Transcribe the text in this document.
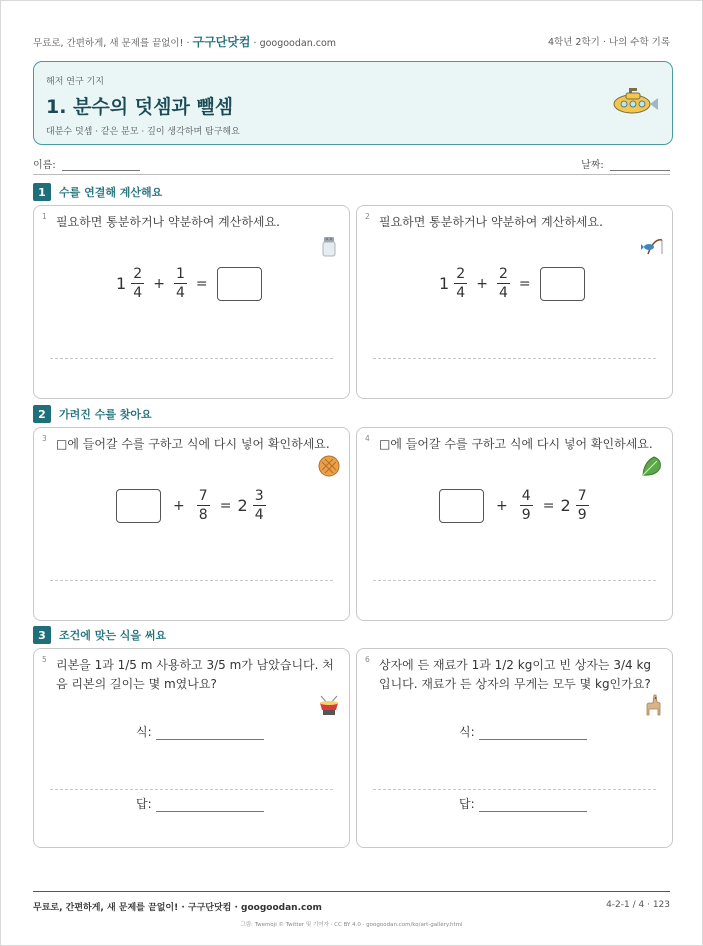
무료로, 간편하게, 새 문제를 끝없이! · 구구단닷컴 · googoodan.com	4학년 2학기 · 나의 수학 기록
해저 연구 기지
1. 분수의 덧셈과 뺄셈
대분수 덧셈 · 같은 분모 · 깊이 생각하며 탐구해요
이름:	날짜:
1	수를 연결해 계산해요
1 필요하면 통분하거나 약분하여 계산하세요.
$1 \frac{2}{4} + \frac{1}{4}$ =
2 필요하면 통분하거나 약분하여 계산하세요.
$1 \frac{2}{4} + \frac{2}{4}$ =
2	가려진 수를 찾아요
3 □에 들어갈 수를 구하고 식에 다시 넣어 확인하세요.
+ $\frac{7}{8} = 2 \frac{3}{4}$
4 □에 들어갈 수를 구하고 식에 다시 넣어 확인하세요.
+ $\frac{4}{9} = 2 \frac{7}{9}$
3	조건에 맞는 식을 써요
5 리본을 1과 1/5 m 사용하고 3/5 m가 남았습니다. 처음 리본의 길이는 몇 m였나요?
식:
답:
6 상자에 든 재료가 1과 1/2 kg이고 빈 상자는 3/4 kg입니다. 재료가 든 상자의 무게는 모두 몇 kg인가요?
식:
답:
무료로, 간편하게, 새 문제를 끝없이! · 구구단닷컴 · googoodan.com	4-2-1 / 4 · 123
그림: Twemoji © Twitter 및 기여자 · CC BY 4.0 · googoodan.com/ko/art-gallery.html
